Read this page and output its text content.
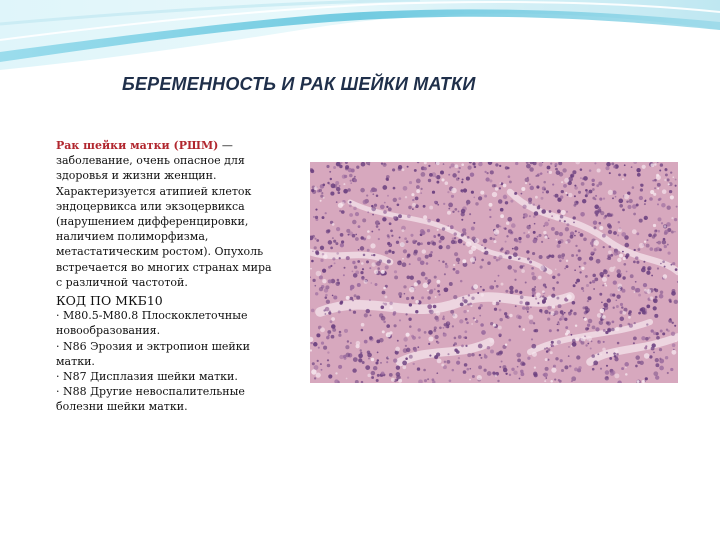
БЕРЕМЕННОСТЬ И РАК ШЕЙКИ МАТКИ

Рак шейки матки (РШМ) — заболевание, очень опасное для здоровья и жизни женщин. Характеризуется атипией клеток эндоцервикса или экзоцервикса (нарушением дифференцировки, наличием полиморфизма, метастатическим ростом). Опухоль встречается во многих странах мира с различной частотой.

КОД ПО МКБ10

· M80.5-M80.8 Плоскоклеточные новообразования.

· N86 Эрозия и эктропион шейки матки.

· N87 Дисплазия шейки матки.

· N88 Другие невоспалительные болезни шейки матки.
